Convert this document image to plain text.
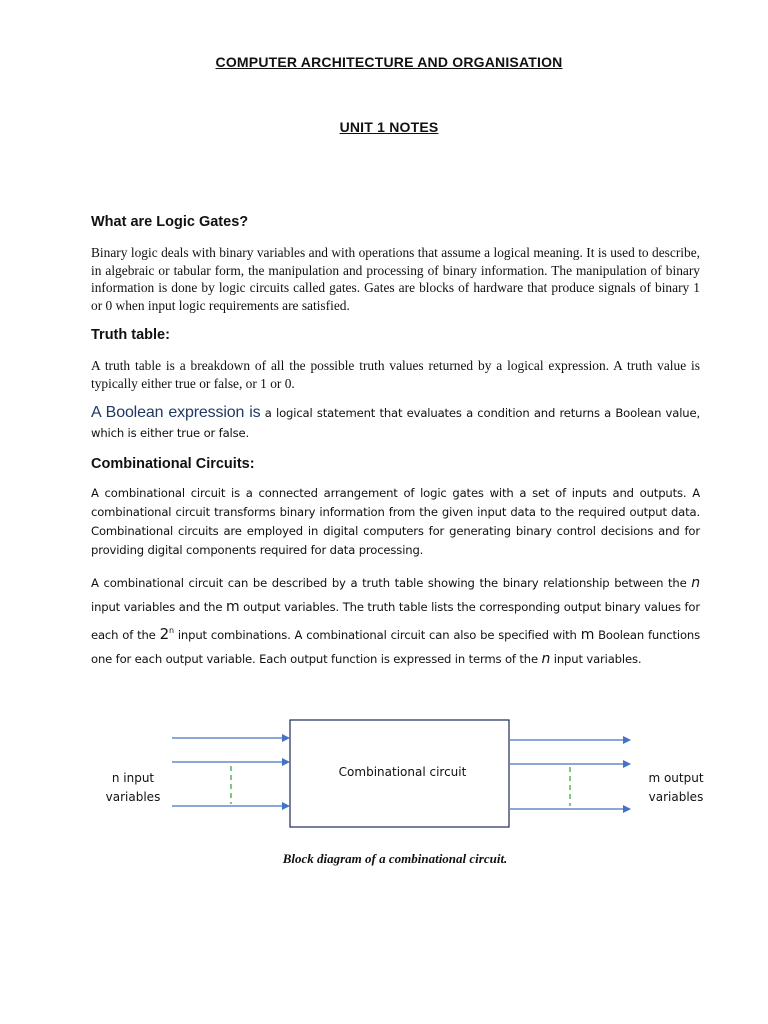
COMPUTER ARCHITECTURE AND ORGANISATION
UNIT 1 NOTES
What are Logic Gates?
Binary logic deals with binary variables and with operations that assume a logical meaning. It is used to describe, in algebraic or tabular form, the manipulation and processing of binary information. The manipulation of binary information is done by logic circuits called gates. Gates are blocks of hardware that produce signals of binary 1 or 0 when input logic requirements are satisfied.
Truth table:
A truth table is a breakdown of all the possible truth values returned by a logical expression. A truth value is typically either true or false, or 1 or 0.
A Boolean expression is a logical statement that evaluates a condition and returns a Boolean value, which is either true or false.
Combinational Circuits:
A combinational circuit is a connected arrangement of logic gates with a set of inputs and outputs. A combinational circuit transforms binary information from the given input data to the required output data. Combinational circuits are employed in digital computers for generating binary control decisions and for providing digital components required for data processing.
A combinational circuit can be described by a truth table showing the binary relationship between the n input variables and the m output variables. The truth table lists the corresponding output binary values for each of the 2$^n$ input combinations. A combinational circuit can also be specified with m Boolean functions one for each output variable. Each output function is expressed in terms of the n input variables.
Combinational circuit
n input
variables
m output
variables
Block diagram of a combinational circuit.
